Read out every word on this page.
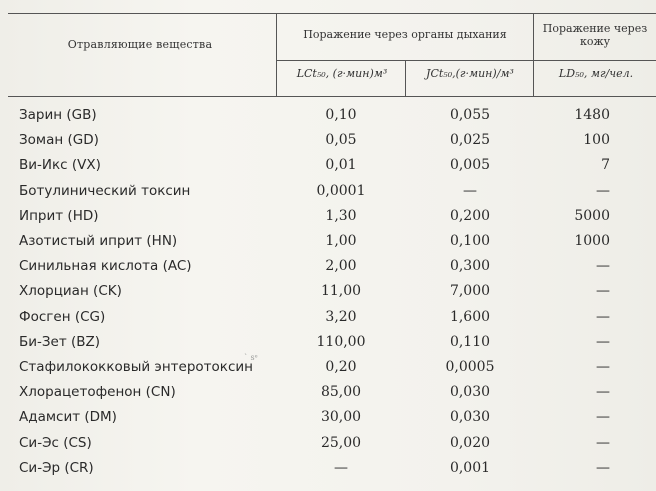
Отравляющие вещества
Поражение через органы дыхания	Поражение через кожу
LCt₅₀, (г·мин)м³	JCt₅₀,(г·мин)/м³	LD₅₀, мг/чел.
Зарин (GB)	0,10	0,055	1480
Зоман (GD)	0,05	0,025	100
Ви-Икс (VX)	0,01	0,005	7
Ботулинический токсин	0,0001	—	—
Иприт (HD)	1,30	0,200	5000
Азотистый иприт (HN)	1,00	0,100	1000
Синильная кислота (AC)	2,00	0,300	—
Хлорциан (CK)	11,00	7,000	—
Фосген (CG)	3,20	1,600	—
Би-Зет (BZ)	110,00	0,110	—
Стафилококковый энтеротоксин	0,20	0,0005	—
Хлорацетофенон (CN)	85,00	0,030	—
Адамсит (DM)	30,00	0,030	—
Си-Эс (CS)	25,00	0,020	—
Си-Эр (CR)	—	0,001	—
ˋ ѕᵉ
